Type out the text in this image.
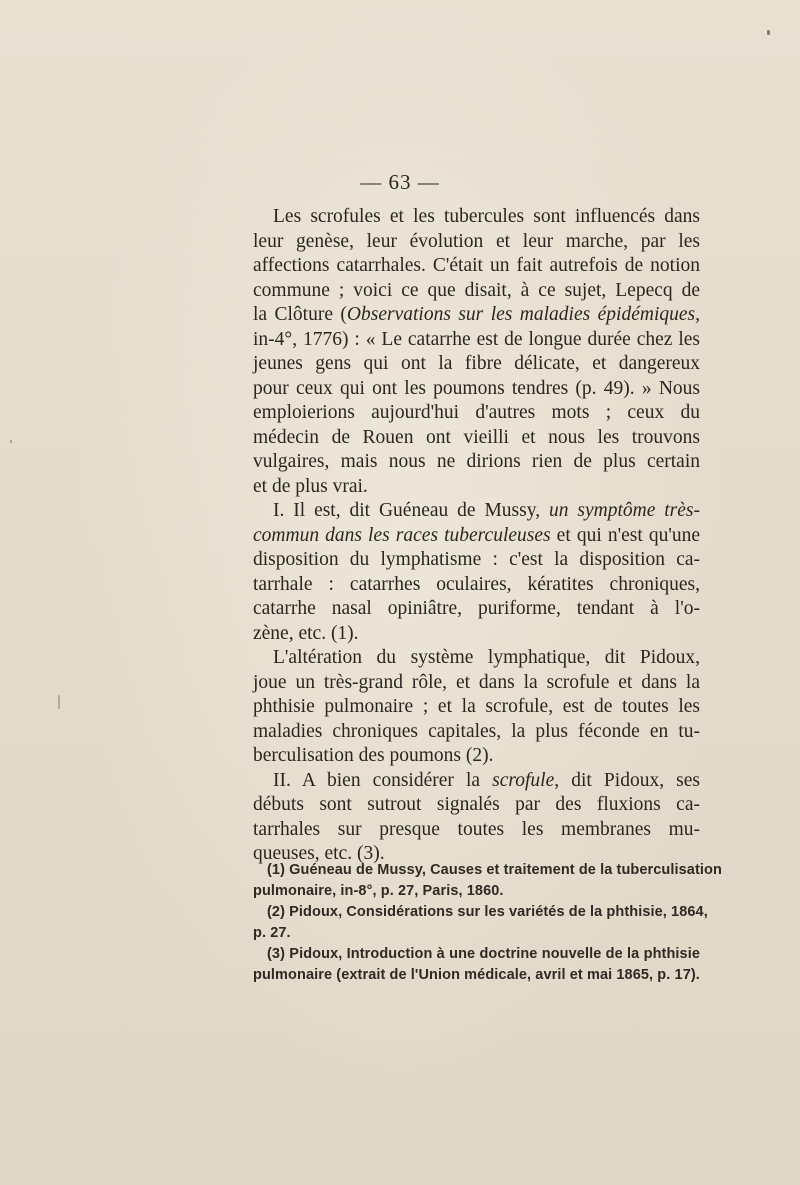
— 63 —
Les scrofules et les tubercules sont influencés dans
leur genèse, leur évolution et leur marche, par les
affections catarrhales. C'était un fait autrefois de notion
commune ; voici ce que disait, à ce sujet, Lepecq de
la Clôture (Observations sur les maladies épidémiques,
in-4°, 1776) : « Le catarrhe est de longue durée chez les
jeunes gens qui ont la fibre délicate, et dangereux
pour ceux qui ont les poumons tendres (p. 49). » Nous
emploierions aujourd'hui d'autres mots ; ceux du
médecin de Rouen ont vieilli et nous les trouvons
vulgaires, mais nous ne dirions rien de plus certain
et de plus vrai.
I. Il est, dit Guéneau de Mussy, un symptôme très-
commun dans les races tuberculeuses et qui n'est qu'une
disposition du lymphatisme : c'est la disposition ca-
tarrhale : catarrhes oculaires, kératites chroniques,
catarrhe nasal opiniâtre, puriforme, tendant à l'o-
zène, etc. (1).
L'altération du système lymphatique, dit Pidoux,
joue un très-grand rôle, et dans la scrofule et dans la
phthisie pulmonaire ; et la scrofule, est de toutes les
maladies chroniques capitales, la plus féconde en tu-
berculisation des poumons (2).
II. A bien considérer la scrofule, dit Pidoux, ses
débuts sont sutrout signalés par des fluxions ca-
tarrhales sur presque toutes les membranes mu-
queuses, etc. (3).
(1) Guéneau de Mussy, Causes et traitement de la tuberculisation
pulmonaire, in-8°, p. 27, Paris, 1860.
(2) Pidoux, Considérations sur les variétés de la phthisie, 1864,
p. 27.
(3) Pidoux, Introduction à une doctrine nouvelle de la phthisie
pulmonaire (extrait de l'Union médicale, avril et mai 1865, p. 17).
